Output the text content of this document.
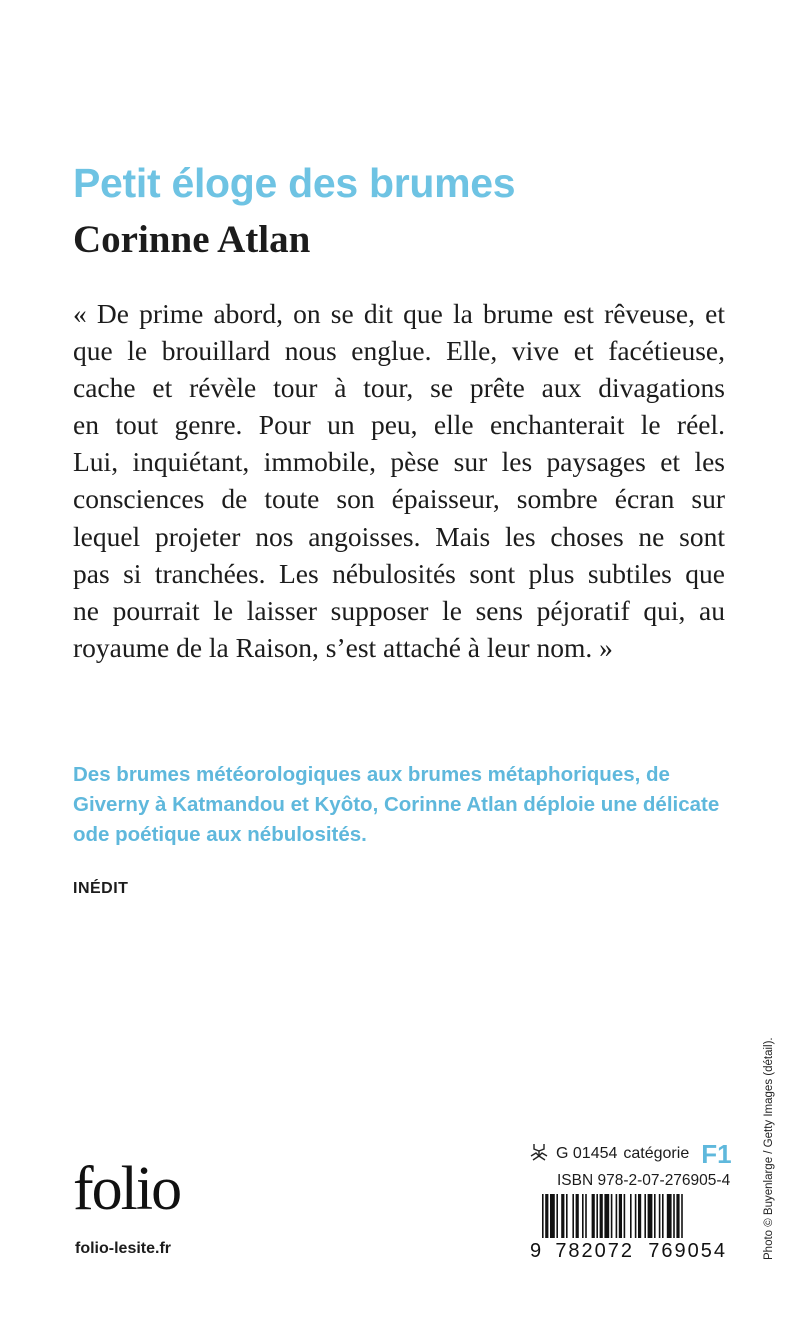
Petit éloge des brumes
Corinne Atlan
« De prime abord, on se dit que la brume est rêveuse, et
que le brouillard nous englue. Elle, vive et facétieuse,
cache et révèle tour à tour, se prête aux divagations
en tout genre. Pour un peu, elle enchanterait le réel.
Lui, inquiétant, immobile, pèse sur les paysages et les
consciences de toute son épaisseur, sombre écran sur
lequel projeter nos angoisses. Mais les choses ne sont
pas si tranchées. Les nébulosités sont plus subtiles que
ne pourrait le laisser supposer le sens péjoratif qui, au
royaume de la Raison, s’est attaché à leur nom. »
Des brumes météorologiques aux brumes métaphoriques, de
Giverny à Katmandou et Kyôto, Corinne Atlan déploie une délicate
ode poétique aux nébulosités.
INÉDIT
folio
folio-lesite.fr
G 01454 catégorie F1
ISBN 978-2-07-276905-4
9 782072 769054	Photo © Buyenlarge / Getty Images (détail).
